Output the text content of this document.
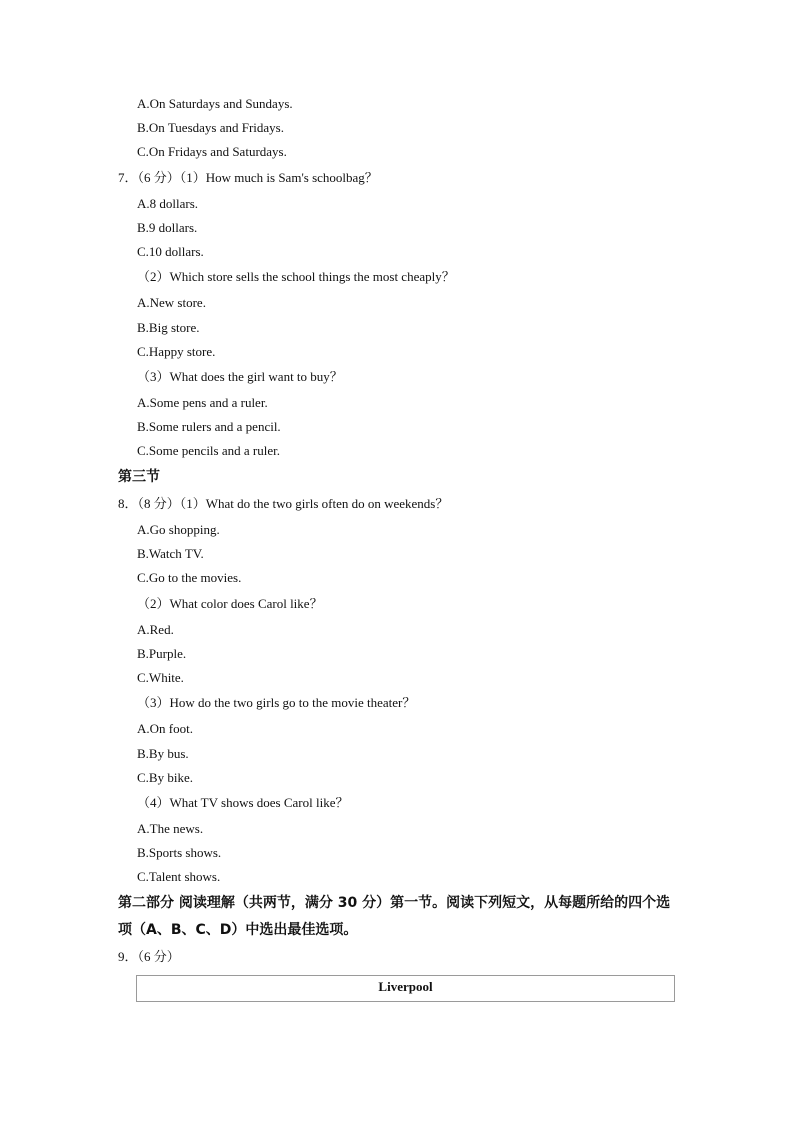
A.On Saturdays and Sundays.
B.On Tuesdays and Fridays.
C.On Fridays and Saturdays.
7．（6 分）（1）How much is Sam's schoolbag？
A.8 dollars.
B.9 dollars.
C.10 dollars.
（2）Which store sells the school things the most cheaply？
A.New store.
B.Big store.
C.Happy store.
（3）What does the girl want to buy？
A.Some pens and a ruler.
B.Some rulers and a pencil.
C.Some pencils and a ruler.
第三节
8．（8 分）（1）What do the two girls often do on weekends？
A.Go shopping.
B.Watch TV.
C.Go to the movies.
（2）What color does Carol like？
A.Red.
B.Purple.
C.White.
（3）How do the two girls go to the movie theater？
A.On foot.
B.By bus.
C.By bike.
（4）What TV shows does Carol like？
A.The news.
B.Sports shows.
C.Talent shows.
第二部分 阅读理解（共两节，满分 30 分）第一节。阅读下列短文，从每题所给的四个选
项（A、B、C、D）中选出最佳选项。
9．（6 分）
Liverpool
